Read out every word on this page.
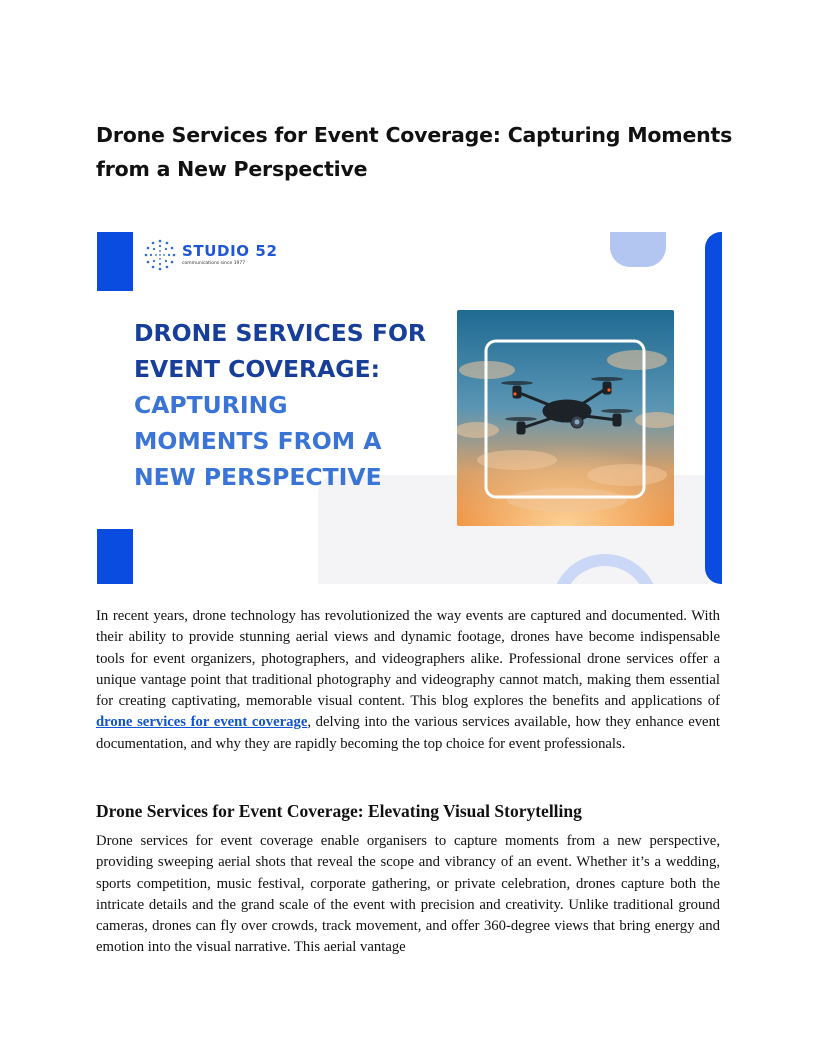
Drone Services for Event Coverage: Capturing Moments from a New Perspective
STUDIO 52
communications since 1977
DRONE SERVICES FOR
EVENT COVERAGE:
CAPTURING
MOMENTS FROM A
NEW PERSPECTIVE

In recent years, drone technology has revolutionized the way events are captured and documented. With their ability to provide stunning aerial views and dynamic footage, drones have become indispensable tools for event organizers, photographers, and videographers alike. Professional drone services offer a unique vantage point that traditional photography and videography cannot match, making them essential for creating captivating, memorable visual content. This blog explores the benefits and applications of drone services for event coverage, delving into the various services available, how they enhance event documentation, and why they are rapidly becoming the top choice for event professionals.

Drone Services for Event Coverage: Elevating Visual Storytelling

Drone services for event coverage enable organisers to capture moments from a new perspective, providing sweeping aerial shots that reveal the scope and vibrancy of an event. Whether it’s a wedding, sports competition, music festival, corporate gathering, or private celebration, drones capture both the intricate details and the grand scale of the event with precision and creativity. Unlike traditional ground cameras, drones can fly over crowds, track movement, and offer 360-degree views that bring energy and emotion into the visual narrative. This aerial vantage
